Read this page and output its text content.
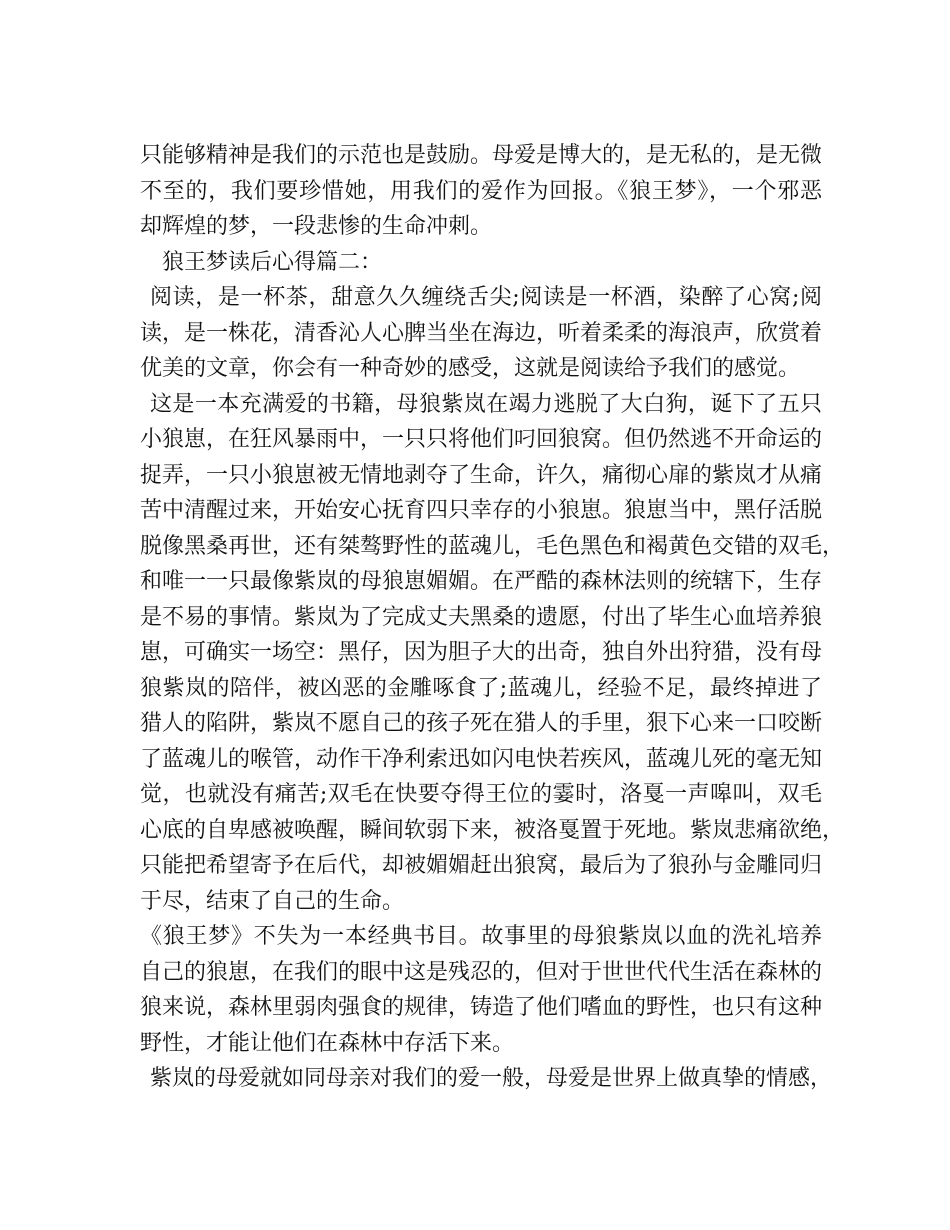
只能够精神是我们的示范也是鼓励。母爱是博大的，是无私的，是无微
不至的，我们要珍惜她，用我们的爱作为回报。《狼王梦》，一个邪恶
却辉煌的梦，一段悲惨的生命冲刺。
狼王梦读后心得篇二：
阅读，是一杯茶，甜意久久缠绕舌尖;阅读是一杯酒，染醉了心窝;阅
读，是一株花，清香沁人心脾当坐在海边，听着柔柔的海浪声，欣赏着
优美的文章，你会有一种奇妙的感受，这就是阅读给予我们的感觉。
这是一本充满爱的书籍，母狼紫岚在竭力逃脱了大白狗，诞下了五只
小狼崽，在狂风暴雨中，一只只将他们叼回狼窝。但仍然逃不开命运的
捉弄，一只小狼崽被无情地剥夺了生命，许久，痛彻心扉的紫岚才从痛
苦中清醒过来，开始安心抚育四只幸存的小狼崽。狼崽当中，黑仔活脱
脱像黑桑再世，还有桀骜野性的蓝魂儿，毛色黑色和褐黄色交错的双毛，
和唯一一只最像紫岚的母狼崽媚媚。在严酷的森林法则的统辖下，生存
是不易的事情。紫岚为了完成丈夫黑桑的遗愿，付出了毕生心血培养狼
崽，可确实一场空：黑仔，因为胆子大的出奇，独自外出狩猎，没有母
狼紫岚的陪伴，被凶恶的金雕啄食了;蓝魂儿，经验不足，最终掉进了
猎人的陷阱，紫岚不愿自己的孩子死在猎人的手里，狠下心来一口咬断
了蓝魂儿的喉管，动作干净利索迅如闪电快若疾风，蓝魂儿死的毫无知
觉，也就没有痛苦;双毛在快要夺得王位的霎时，洛戛一声嗥叫，双毛
心底的自卑感被唤醒，瞬间软弱下来，被洛戛置于死地。紫岚悲痛欲绝，
只能把希望寄予在后代，却被媚媚赶出狼窝，最后为了狼孙与金雕同归
于尽，结束了自己的生命。
《狼王梦》不失为一本经典书目。故事里的母狼紫岚以血的洗礼培养
自己的狼崽，在我们的眼中这是残忍的，但对于世世代代生活在森林的
狼来说，森林里弱肉强食的规律，铸造了他们嗜血的野性，也只有这种
野性，才能让他们在森林中存活下来。
紫岚的母爱就如同母亲对我们的爱一般，母爱是世界上做真挚的情感，
